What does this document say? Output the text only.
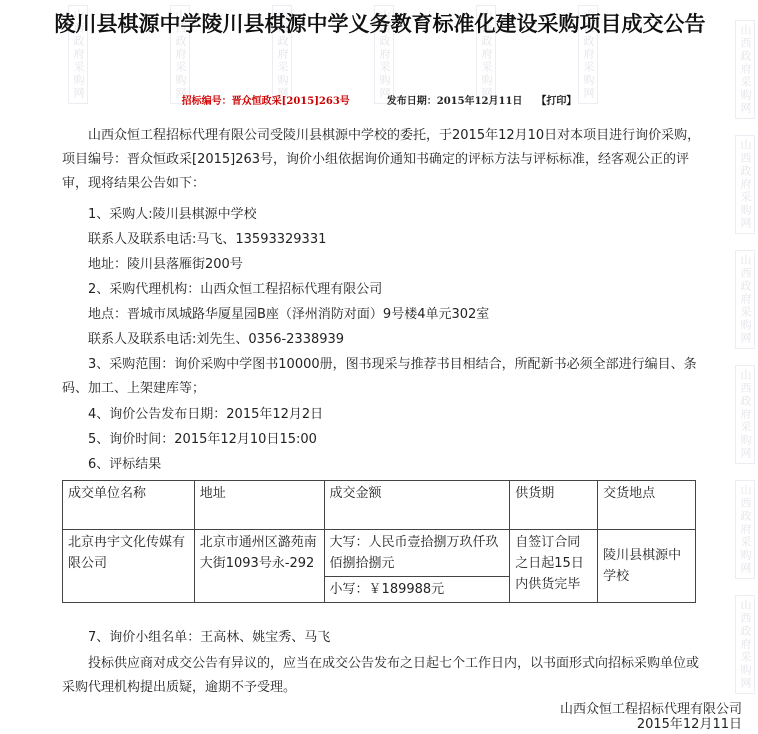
山西政府采购网	山西政府采购网	山西政府采购网	山西政府采购网	山西政府采购网	山西政府采购网	山西政府采购网
山西政府采购网
山西政府采购网
山西政府采购网
山西政府采购网
山西政府采购网
陵川县棋源中学陵川县棋源中学义务教育标准化建设采购项目成交公告
招标编号：晋众恒政采[2015]263号	发布日期：2015年12月11日 【打印】
山西众恒工程招标代理有限公司受陵川县棋源中学校的委托，于2015年12月10日对本项目进行询价采购，项目编号：晋众恒政采[2015]263号，询价小组依据询价通知书确定的评标方法与评标标准，经客观公正的评审，现将结果公告如下：
1、采购人:陵川县棋源中学校
联系人及联系电话:马飞、13593329331
地址：陵川县落雁街200号
2、采购代理机构：山西众恒工程招标代理有限公司
地点：晋城市凤城路华厦星园B座（泽州消防对面）9号楼4单元302室
联系人及联系电话:刘先生、0356-2338939
3、采购范围：询价采购中学图书10000册，图书现采与推荐书目相结合，所配新书必须全部进行编目、条码、加工、上架建库等；
4、询价公告发布日期：2015年12月2日
5、询价时间：2015年12月10日15:00
6、评标结果
成交单位名称	地址	成交金额	供货期	交货地点
北京冉宇文化传媒有限公司	北京市通州区潞苑南大街1093号永-292	大写：人民币壹拾捌万玖仟玖佰捌拾捌元
小写：￥189988元	自签订合同之日起15日内供货完毕	陵川县棋源中学校
7、询价小组名单：王高林、姚宝秀、马飞
投标供应商对成交公告有异议的，应当在成交公告发布之日起七个工作日内，以书面形式向招标采购单位或采购代理机构提出质疑，逾期不予受理。
山西众恒工程招标代理有限公司
2015年12月11日
